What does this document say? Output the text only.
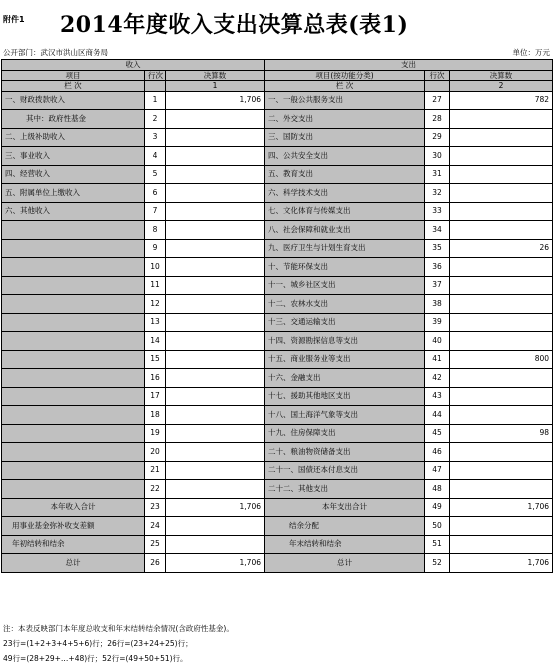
附件1 2014年度收入支出决算总表(表1)
公开部门：武汉市洪山区商务局	单位：万元
收入			支出		
项目	行次	决算数	项目(按功能分类)	行次	决算数
栏 次		1	栏 次		2
一、财政拨款收入	1	1,706	一、一般公共服务支出	27	782
其中：政府性基金	2		二、外交支出	28	
二、上级补助收入	3		三、国防支出	29	
三、事业收入	4		四、公共安全支出	30	
四、经营收入	5		五、教育支出	31	
五、附属单位上缴收入	6		六、科学技术支出	32	
六、其他收入	7		七、文化体育与传媒支出	33	
	8		八、社会保障和就业支出	34	
	9		九、医疗卫生与计划生育支出	35	26
	10		十、节能环保支出	36	
	11		十一、城乡社区支出	37	
	12		十二、农林水支出	38	
	13		十三、交通运输支出	39	
	14		十四、资源勘探信息等支出	40	
	15		十五、商业服务业等支出	41	800
	16		十六、金融支出	42	
	17		十七、援助其他地区支出	43	
	18		十八、国土海洋气象等支出	44	
	19		十九、住房保障支出	45	98
	20		二十、粮油物资储备支出	46	
	21		二十一、国债还本付息支出	47	
	22		二十二、其他支出	48	
本年收入合计	23	1,706	本年支出合计	49	1,706
用事业基金弥补收支差额	24		结余分配	50	
年初结转和结余	25		年末结转和结余	51	
总计	26	1,706	总计	52	1,706
注：本表反映部门本年度总收支和年末结转结余情况(含政府性基金)。
23行=(1+2+3+4+5+6)行；26行=(23+24+25)行；
49行=(28+29+…+48)行；52行=(49+50+51)行。
